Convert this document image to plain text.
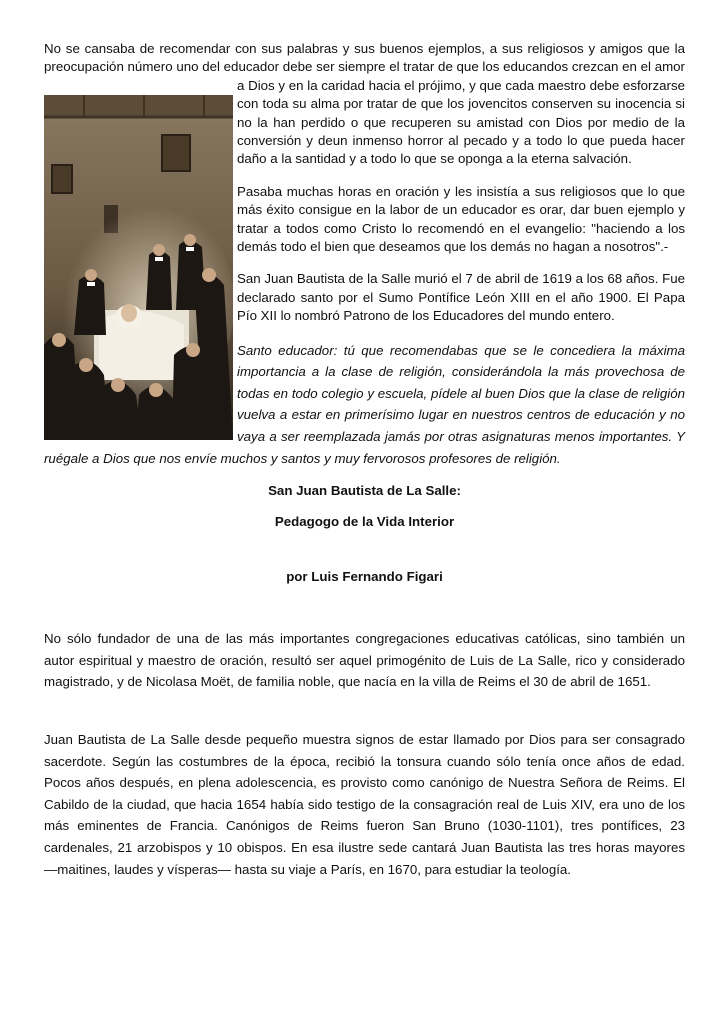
No se cansaba de recomendar con sus palabras y sus buenos ejemplos, a sus religiosos y amigos que la preocupación número uno del educador debe ser siempre el tratar de que los educandos crezcan en el amor a Dios y en la caridad hacia el prójimo, y que cada maestro debe esforzarse con toda su alma por tratar de que los jovencitos conserven su inocencia si no la han perdido o que recuperen su amistad con Dios por medio de la conversión y deun inmenso horror al pecado y a todo lo que pueda hacer daño a la santidad y a todo lo que se oponga a la eterna salvación.

Pasaba muchas horas en oración y les insistía a sus religiosos que lo que más éxito consigue en la labor de un educador es orar, dar buen ejemplo y tratar a todos como Cristo lo recomendó en el evangelio: "haciendo a los demás todo el bien que deseamos que los demás no hagan a nosotros".-

San Juan Bautista de la Salle murió el 7 de abril de 1619 a los 68 años. Fue declarado santo por el Sumo Pontífice León XIII en el año 1900. El Papa Pío XII lo nombró Patrono de los Educadores del mundo entero.

Santo educador: tú que recomendabas que se le concediera la máxima importancia a la clase de religión, considerándola la más provechosa de todas en todo colegio y escuela, pídele al buen Dios que la clase de religión vuelva a estar en primerísimo lugar en nuestros centros de educación y no vaya a ser reemplazada jamás por otras asignaturas menos importantes. Y ruégale a Dios que nos envíe muchos y santos y muy fervorosos profesores de religión.

San Juan Bautista de La Salle:

Pedagogo de la Vida Interior

por Luis Fernando Figari

No sólo fundador de una de las más importantes congregaciones educativas católicas, sino también un autor espiritual y maestro de oración, resultó ser aquel primogénito de Luis de La Salle, rico y considerado magistrado, y de Nicolasa Moët, de familia noble, que nacía en la villa de Reims el 30 de abril de 1651.

Juan Bautista de La Salle desde pequeño muestra signos de estar llamado por Dios para ser consagrado sacerdote. Según las costumbres de la época, recibió la tonsura cuando sólo tenía once años de edad. Pocos años después, en plena adolescencia, es provisto como canónigo de Nuestra Señora de Reims. El Cabildo de la ciudad, que hacia 1654 había sido testigo de la consagración real de Luis XIV, era uno de los más eminentes de Francia. Canónigos de Reims fueron San Bruno (1030-1101), tres pontífices, 23 cardenales, 21 arzobispos y 10 obispos. En esa ilustre sede cantará Juan Bautista las tres horas mayores —maitines, laudes y vísperas— hasta su viaje a París, en 1670, para estudiar la teología.
